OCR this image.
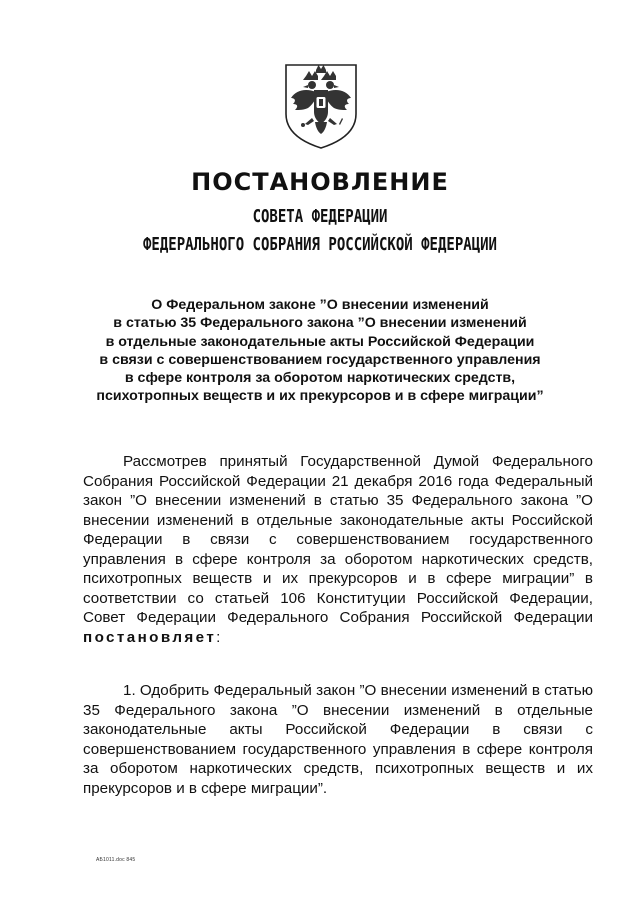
ПОСТАНОВЛЕНИЕ
СОВЕТА ФЕДЕРАЦИИ
ФЕДЕРАЛЬНОГО СОБРАНИЯ РОССИЙСКОЙ ФЕДЕРАЦИИ
О Федеральном законе ”О внесении изменений
в статью 35 Федерального закона ”О внесении изменений
в отдельные законодательные акты Российской Федерации
в связи с совершенствованием государственного управления
в сфере контроля за оборотом наркотических средств,
психотропных веществ и их прекурсоров и в сфере миграции”
Рассмотрев принятый Государственной Думой Федерального Собрания Российской Федерации 21 декабря 2016 года Федеральный закон ”О внесении изменений в статью 35 Федерального закона ”О внесении изменений в отдельные законодательные акты Российской Федерации в связи с совершенствованием государственного управления в сфере контроля за оборотом наркотических средств, психотропных веществ и их прекурсоров и в сфере миграции” в соответствии со статьей 106 Конституции Российской Федерации, Совет Федерации Федерального Собрания Российской Федерации постановляет:
1. Одобрить Федеральный закон ”О внесении изменений в статью 35 Федерального закона ”О внесении изменений в отдельные законодательные акты Российской Федерации в связи с совершенствованием государственного управления в сфере контроля за оборотом наркотических средств, психотропных веществ и их прекурсоров и в сфере миграции”.
АБ1011.doc 845
